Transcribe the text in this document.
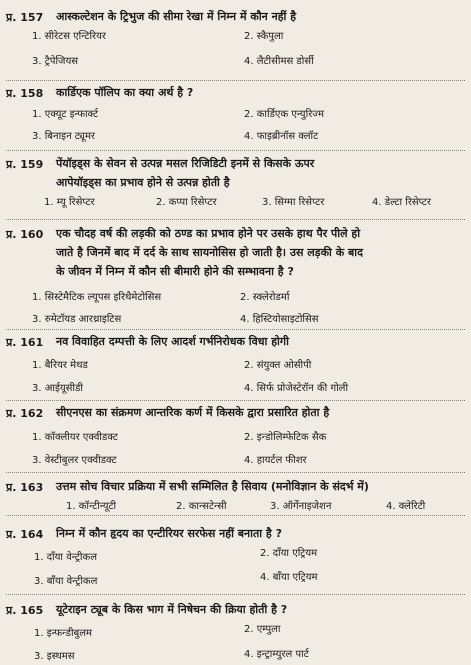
प्र. 157 आस्कल्टेशन के ट्रिभुज की सीमा रेखा में निम्न में कौन नहीं है
1. सीरेटस एन्टिरियर	2. स्कैपुला
3. ट्रैपेजियस	4. लैटीसीमस डोर्सी
प्र. 158 कार्डिएक पॉलिप का क्या अर्थ है ?
1. एक्यूट इन्फार्क्ट	2. कार्डिएक एन्युरिज्म
3. बिनाइन ट्यूमर	4. फाइब्रीनॉस क्लॉट
प्र. 159 पेंयॉइड्स के सेवन से उत्पन्न मसल रिजिडिटी इनमें से किसके ऊपर
आपेयॉइड्स का प्रभाव होने से उत्पन्न होती है
1. म्यू रिसेप्टर	2. कप्पा रिसेप्टर	3. सिग्मा रिसेप्टर	4. डेल्टा रिसेप्टर
प्र. 160 एक चौदह वर्ष की लड़की को ठण्ड का प्रभाव होने पर उसके हाथ पैर पीले हो
जाते है जिनमें बाद में दर्द के साथ सायनोसिस हो जाती है। उस लड़की के बाद
के जीवन में निम्न में कौन सी बीमारी होने की सम्भावना है ?
1. सिस्टेमैटिक ल्यूपस इरिथैमेटोसिस	2. स्क्लेरोडर्मा
3. रुमेटॉयड आरथ्राइटिस	4. हिस्टियोसाइटोसिस
प्र. 161 नव विवाहित दम्पत्ती के लिए आदर्श गर्भनिरोधक विधा होगी
1. बैरियर मेथड	2. संयुक्त ओसीपी
3. आईयूसीडी	4. सिर्फ प्रोजेस्टेरॉन की गोली
प्र. 162 सीएनएस का संक्रमण आन्तरिक कर्ण में किसके द्वारा प्रसारित होता है
1. कॉक्लीयर एक्वीडक्ट	2. इन्डोलिम्फेटिक सैक
3. वेस्टीबुलर एक्वीडक्ट	4. हायर्टल फीशर
प्र. 163 उत्तम सोच विचार प्रक्रिया में सभी सम्मिलित है सिवाय (मनोविज्ञान के संदर्भ में)
1. कॉन्टीन्यूटी	2. कान्सटेन्सी	3. ऑर्गेनाइजेशन	4. क्लेरिटी
प्र. 164 निम्न में कौन हृदय का एन्टीरियर सरफेस नहीं बनाता है ?
1. दाँया वेन्ट्रीकल	2. दाँया एट्रियम
3. बाँया वेन्ट्रीकल	4. बाँया एट्रियम
प्र. 165 यूटेराइन ट्यूब के किस भाग में निषेचन की क्रिया होती है ?
1. इन्फन्डीबुलम	2. एम्पुला
3. इस्थमस	4. इन्ट्राम्युरल पार्ट
